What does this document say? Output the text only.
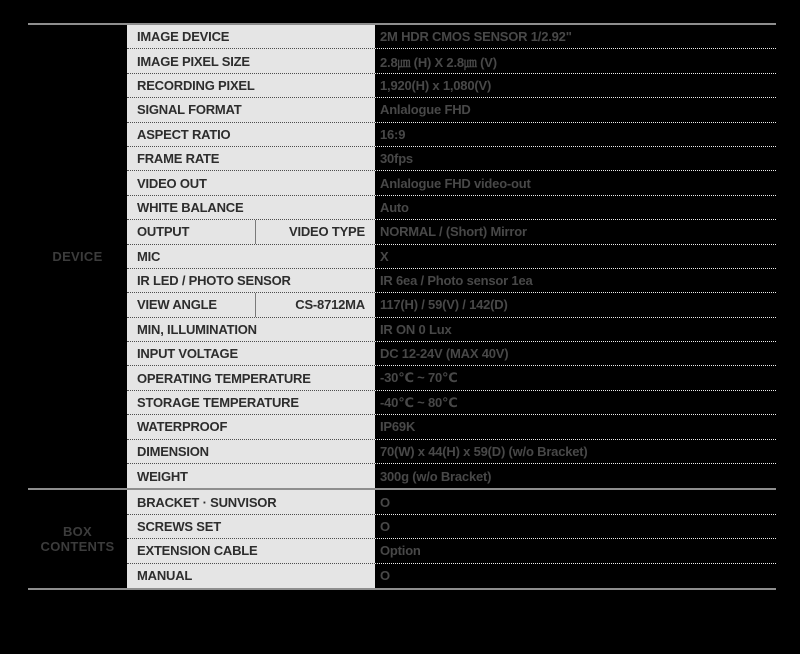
DEVICE
IMAGE DEVICE	2M HDR CMOS SENSOR 1/2.92"
IMAGE PIXEL SIZE	2.8㎛ (H) X 2.8㎛ (V)
RECORDING PIXEL	1,920(H) x 1,080(V)
SIGNAL FORMAT	Anlalogue FHD
ASPECT RATIO	16:9
FRAME RATE	30fps
VIDEO OUT	Anlalogue FHD video-out
WHITE BALANCE	Auto
OUTPUT	VIDEO TYPE	NORMAL / (Short) Mirror
MIC	X
IR LED / PHOTO SENSOR	IR 6ea / Photo sensor 1ea
VIEW ANGLE	CS-8712MA	117(H) / 59(V) / 142(D)
MIN, ILLUMINATION	IR ON 0 Lux
INPUT VOLTAGE	DC 12-24V (MAX 40V)
OPERATING TEMPERATURE	-30℃ ~ 70℃
STORAGE TEMPERATURE	-40℃ ~ 80℃
WATERPROOF	IP69K
DIMENSION	70(W) x 44(H) x 59(D) (w/o Bracket)
WEIGHT	300g (w/o Bracket)
BOX CONTENTS
BRACKET · SUNVISOR	O
SCREWS SET	O
EXTENSION CABLE	Option
MANUAL	O
